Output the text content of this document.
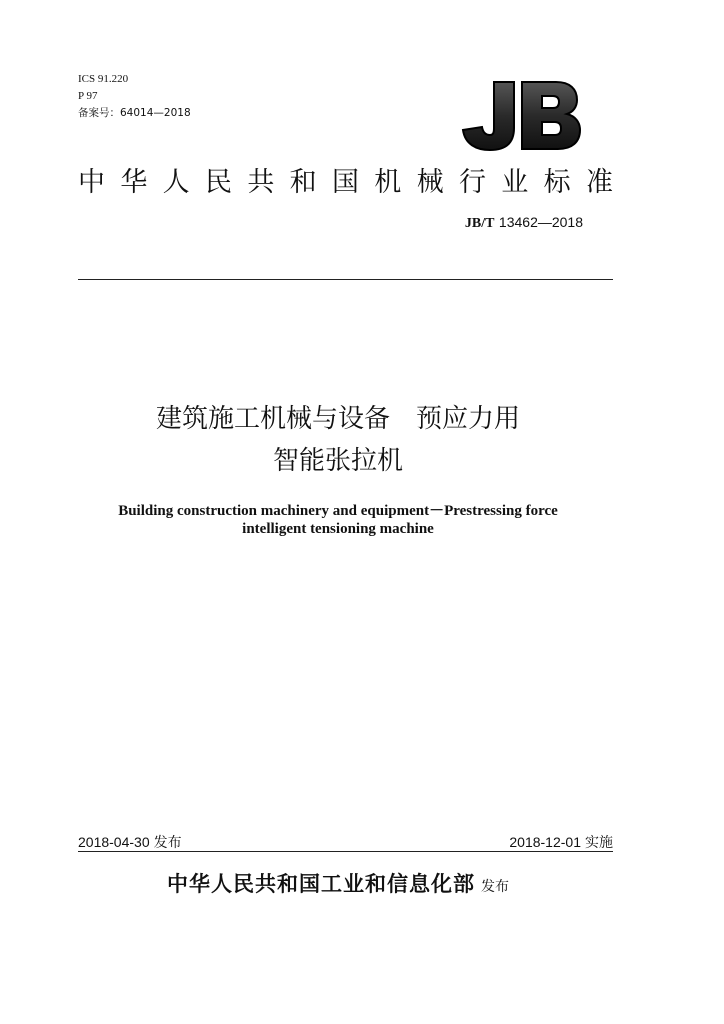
ICS 91.220
P 97
备案号：64014—2018
中 华 人 民 共 和 国 机 械 行 业 标 准
JB/T 13462—2018
建筑施工机械与设备　预应力用
智能张拉机
Building construction machinery and equipment－Prestressing force
intelligent tensioning machine
2018-04-30 发布	2018-12-01 实施
中华人民共和国工业和信息化部 发布
